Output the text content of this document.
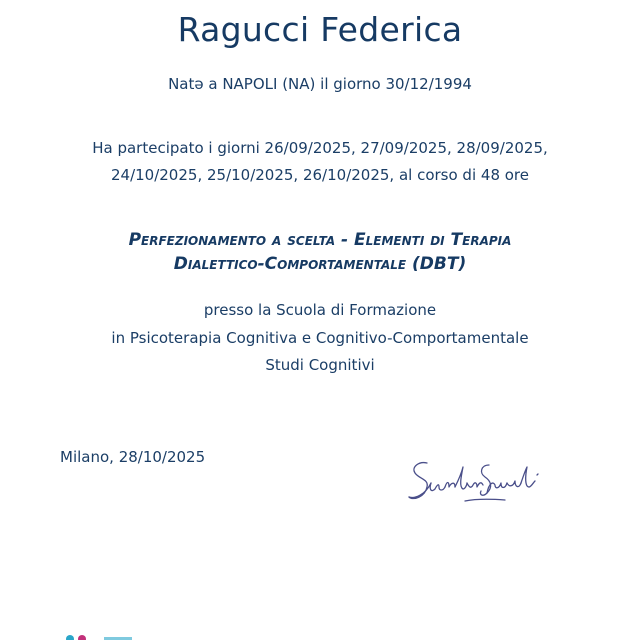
Ragucci Federica
Natə a NAPOLI (NA) il giorno 30/12/1994
Ha partecipato i giorni 26/09/2025, 27/09/2025, 28/09/2025,
24/10/2025, 25/10/2025, 26/10/2025, al corso di 48 ore
Perfezionamento a scelta - Elementi di Terapia
Dialettico-Comportamentale (DBT)
presso la Scuola di Formazione
in Psicoterapia Cognitiva e Cognitivo-Comportamentale
Studi Cognitivi
Milano, 28/10/2025
